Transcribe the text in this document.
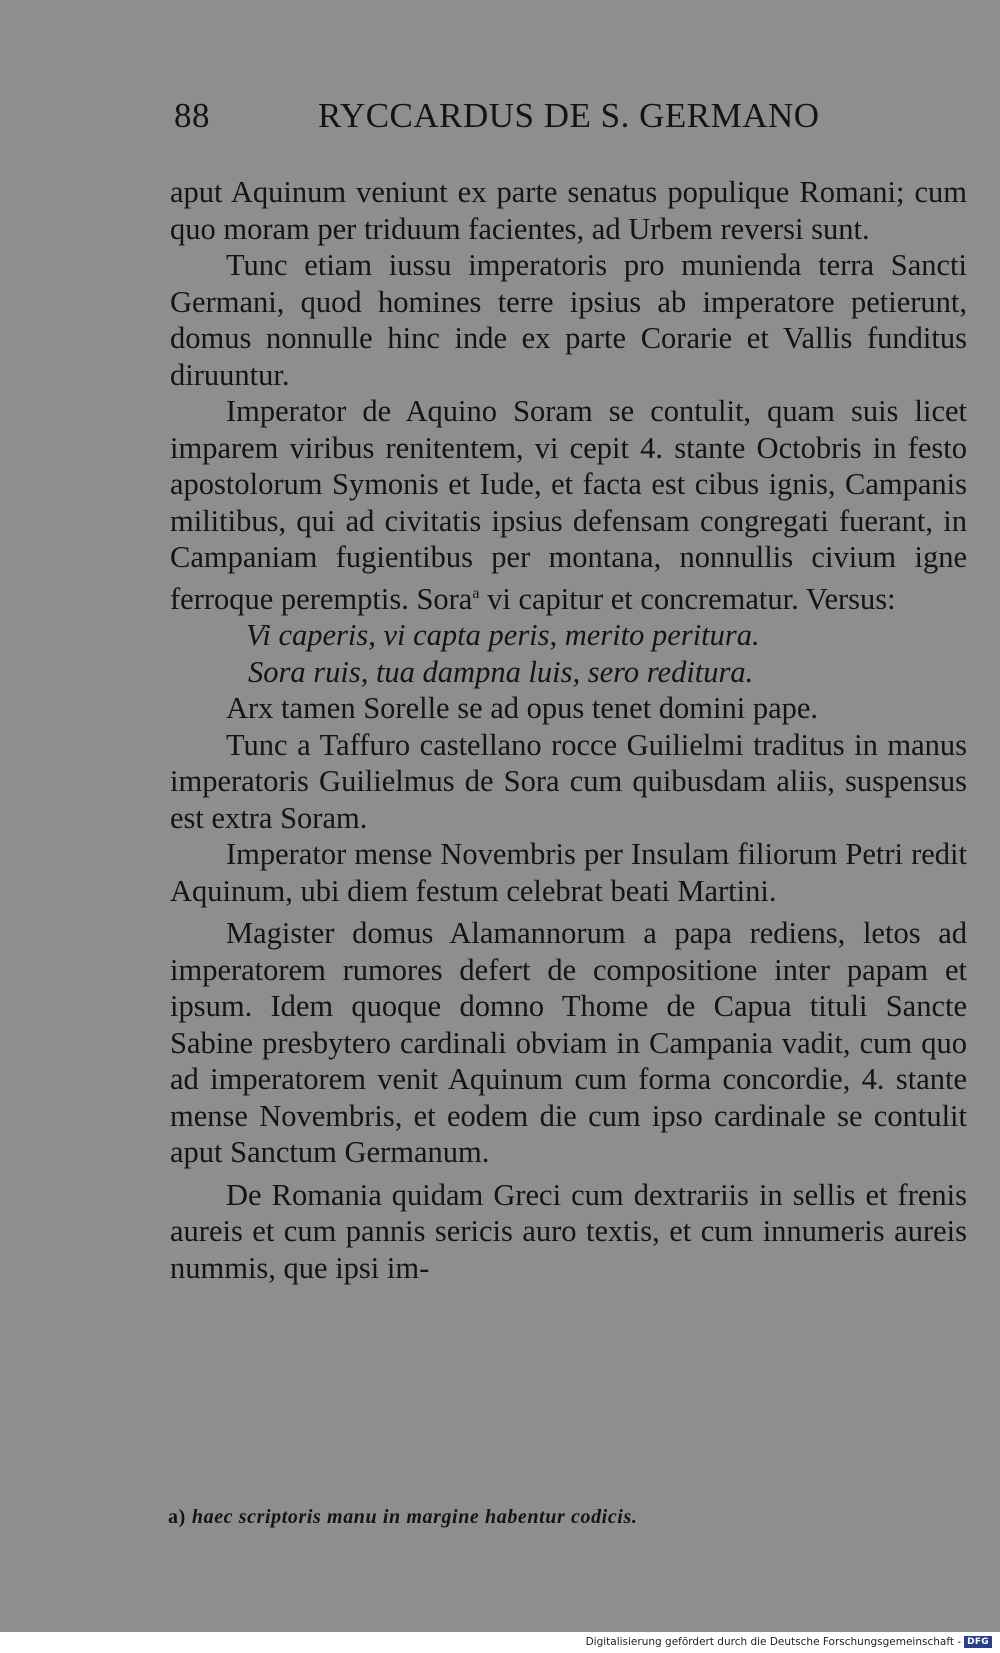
88	RYCCARDUS DE S. GERMANO

aput Aquinum veniunt ex parte senatus populique Romani; cum quo moram per triduum facientes, ad Urbem reversi sunt.

Tunc etiam iussu imperatoris pro munienda terra Sancti Germani, quod homines terre ipsius ab imperatore petierunt, domus nonnulle hinc inde ex parte Corarie et Vallis funditus diruuntur.

Imperator de Aquino Soram se contulit, quam suis licet imparem viribus renitentem, vi cepit 4. stante Octobris in festo apostolorum Symonis et Iude, et facta est cibus ignis, Campanis militibus, qui ad civitatis ipsius defensam congregati fuerant, in Campaniam fugientibus per montana, nonnullis civium igne ferroque peremptis. Sora$^a$ vi capitur et concrematur. Versus:

Vi caperis, vi capta peris, merito peritura.

Sora ruis, tua dampna luis, sero reditura.

Arx tamen Sorelle se ad opus tenet domini pape.

Tunc a Taffuro castellano rocce Guilielmi traditus in manus imperatoris Guilielmus de Sora cum quibusdam aliis, suspensus est extra Soram.

Imperator mense Novembris per Insulam filiorum Petri redit Aquinum, ubi diem festum celebrat beati Martini.

Magister domus Alamannorum a papa rediens, letos ad imperatorem rumores defert de compositione inter papam et ipsum. Idem quoque domno Thome de Capua tituli Sancte Sabine presbytero cardinali obviam in Campania vadit, cum quo ad imperatorem venit Aquinum cum forma concordie, 4. stante mense Novembris, et eodem die cum ipso cardinale se contulit aput Sanctum Germanum.

De Romania quidam Greci cum dextrariis in sellis et frenis aureis et cum pannis sericis auro textis, et cum innumeris aureis nummis, que ipsi im-

a) haec scriptoris manu in margine habentur codicis.
Digitalisierung gefördert durch die Deutsche Forschungsgemeinschaft - DFG
